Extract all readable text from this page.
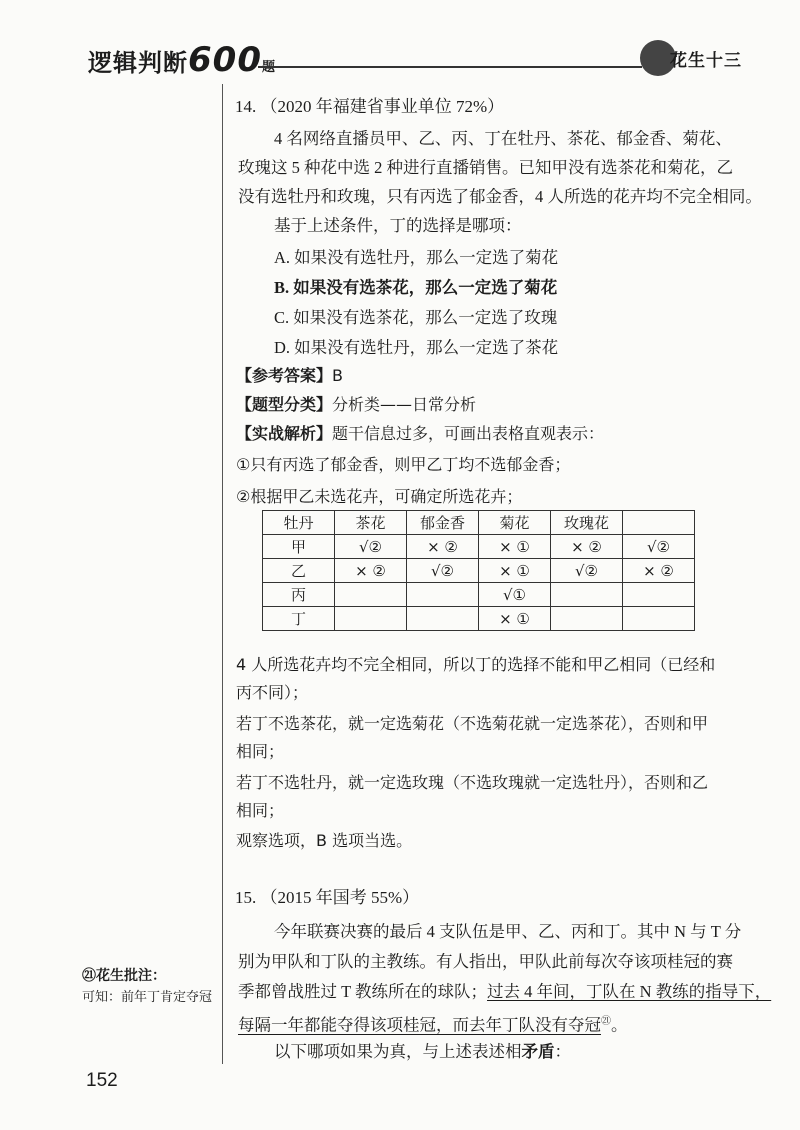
逻辑判断600题	花生十三
14. （2020 年福建省事业单位 72%）
4 名网络直播员甲、乙、丙、丁在牡丹、茶花、郁金香、菊花、
玫瑰这 5 种花中选 2 种进行直播销售。已知甲没有选茶花和菊花，乙
没有选牡丹和玫瑰，只有丙选了郁金香，4 人所选的花卉均不完全相同。
基于上述条件，丁的选择是哪项：
A. 如果没有选牡丹，那么一定选了菊花
B. 如果没有选茶花，那么一定选了菊花
C. 如果没有选茶花，那么一定选了玫瑰
D. 如果没有选牡丹，那么一定选了茶花
【参考答案】B
【题型分类】分析类——日常分析
【实战解析】题干信息过多，可画出表格直观表示：
①只有丙选了郁金香，则甲乙丁均不选郁金香；
②根据甲乙未选花卉，可确定所选花卉；
牡丹	茶花	郁金香	菊花	玫瑰花	
甲	√②	× ②	× ①	× ②	√②
乙	× ②	√②	× ①	√②	× ②
丙			√①		
丁			× ①		
4 人所选花卉均不完全相同，所以丁的选择不能和甲乙相同（已经和
丙不同）；
若丁不选茶花，就一定选菊花（不选菊花就一定选茶花），否则和甲
相同；
若丁不选牡丹，就一定选玫瑰（不选玫瑰就一定选牡丹），否则和乙
相同；
观察选项，B 选项当选。
15. （2015 年国考 55%）
今年联赛决赛的最后 4 支队伍是甲、乙、丙和丁。其中 N 与 T 分
别为甲队和丁队的主教练。有人指出，甲队此前每次夺该项桂冠的赛
季都曾战胜过 T 教练所在的球队；过去 4 年间，丁队在 N 教练的指导下，
每隔一年都能夺得该项桂冠，而去年丁队没有夺冠$^㉑$。
以下哪项如果为真，与上述表述相矛盾：
㉑花生批注：
可知：前年丁肯定夺冠
152
